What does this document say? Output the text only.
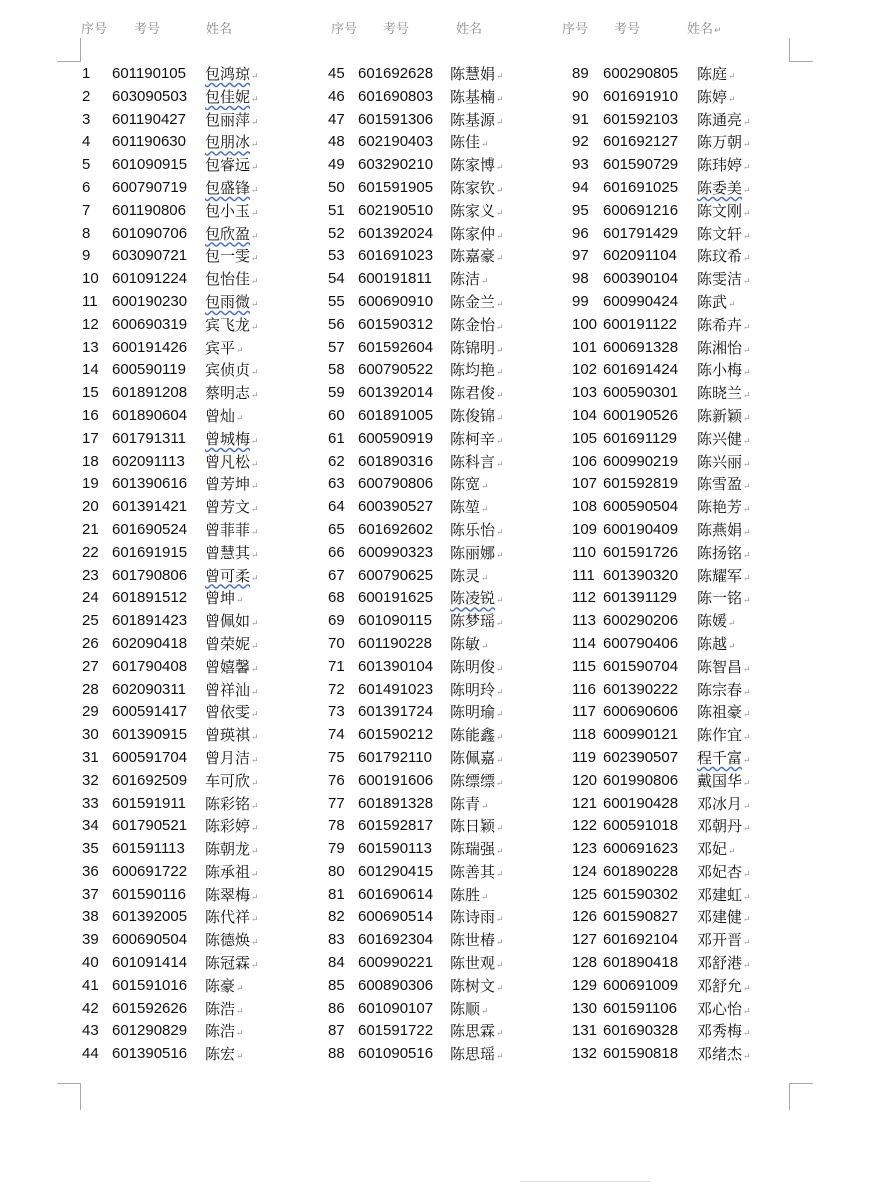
序号 考号	姓名	序号 考号	姓名	序号 考号	姓名↵
1 601190105 包鸿琼↵
2 603090503 包佳妮↵
3 601190427 包丽萍↵
4 601190630 包朋冰↵
5 601090915 包睿远↵
6 600790719 包盛锋↵
7 601190806 包小玉↵
8 601090706 包欣盈↵
9 603090721 包一雯↵
10 601091224 包怡佳↵
11 600190230 包雨微↵
12 600690319 宾飞龙↵
13 600191426 宾平↵
14 600590119 宾侦贞↵
15 601891208 蔡明志↵
16 601890604 曾灿↵
17 601791311 曾城梅↵
18 602091113 曾凡松↵
19 601390616 曾芳坤↵
20 601391421 曾芳文↵
21 601690524 曾菲菲↵
22 601691915 曾慧其↵
23 601790806 曾可柔↵
24 601891512 曾坤↵
25 601891423 曾佩如↵
26 602090418 曾荣妮↵
27 601790408 曾嬉馨↵
28 602090311 曾祥汕↵
29 600591417 曾依雯↵
30 601390915 曾瑛祺↵
31 600591704 曾月洁↵
32 601692509 车可欣↵
33 601591911 陈彩铭↵
34 601790521 陈彩婷↵
35 601591113 陈朝龙↵
36 600691722 陈承祖↵
37 601590116 陈翠梅↵
38 601392005 陈代祥↵
39 600690504 陈德焕↵
40 601091414 陈冠霖↵
41 601591016 陈豪↵
42 601592626 陈浩↵
43 601290829 陈浩↵
44 601390516 陈宏↵
45 601692628 陈慧娟↵
46 601690803 陈基楠↵
47 601591306 陈基源↵
48 602190403 陈佳↵
49 603290210 陈家博↵
50 601591905 陈家钦↵
51 602190510 陈家义↵
52 601392024 陈家仲↵
53 601691023 陈嘉豪↵
54 600191811 陈洁↵
55 600690910 陈金兰↵
56 601590312 陈金怡↵
57 601592604 陈锦明↵
58 600790522 陈均艳↵
59 601392014 陈君俊↵
60 601891005 陈俊锦↵
61 600590919 陈柯辛↵
62 601890316 陈科言↵
63 600790806 陈宽↵
64 600390527 陈堃↵
65 601692602 陈乐怡↵
66 600990323 陈丽娜↵
67 600790625 陈灵↵
68 600191625 陈凌锐↵
69 601090115 陈梦瑶↵
70 601190228 陈敏↵
71 601390104 陈明俊↵
72 601491023 陈明玲↵
73 601391724 陈明瑜↵
74 601590212 陈能鑫↵
75 601792110 陈佩嘉↵
76 600191606 陈缥缥↵
77 601891328 陈青↵
78 601592817 陈日颖↵
79 601590113 陈瑞强↵
80 601290415 陈善其↵
81 601690614 陈胜↵
82 600690514 陈诗雨↵
83 601692304 陈世椿↵
84 600990221 陈世观↵
85 600890306 陈树文↵
86 601090107 陈顺↵
87 601591722 陈思霖↵
88 601090516 陈思瑶↵
89 600290805 陈庭↵
90 601691910 陈婷↵
91 601592103 陈通亮↵
92 601692127 陈万朝↵
93 601590729 陈玮婷↵
94 601691025 陈委美↵
95 600691216 陈文刚↵
96 601791429 陈文轩↵
97 602091104 陈玟希↵
98 600390104 陈雯洁↵
99 600990424 陈武↵
100 600191122 陈希卉↵
101 600691328 陈湘怡↵
102 601691424 陈小梅↵
103 600590301 陈晓兰↵
104 600190526 陈新颖↵
105 601691129 陈兴健↵
106 600990219 陈兴丽↵
107 601592819 陈雪盈↵
108 600590504 陈艳芳↵
109 600190409 陈燕娟↵
110 601591726 陈扬铭↵
111 601390320 陈耀军↵
112 601391129 陈一铭↵
113 600290206 陈媛↵
114 600790406 陈越↵
115 601590704 陈智昌↵
116 601390222 陈宗春↵
117 600690606 陈祖豪↵
118 600990121 陈作宜↵
119 602390507 程千富↵
120 601990806 戴国华↵
121 600190428 邓冰月↵
122 600591018 邓朝丹↵
123 600691623 邓妃↵
124 601890228 邓妃杏↵
125 601590302 邓建虹↵
126 601590827 邓建健↵
127 601692104 邓开晋↵
128 601890418 邓舒港↵
129 600691009 邓舒允↵
130 601591106 邓心怡↵
131 601690328 邓秀梅↵
132 601590818 邓绪杰↵
